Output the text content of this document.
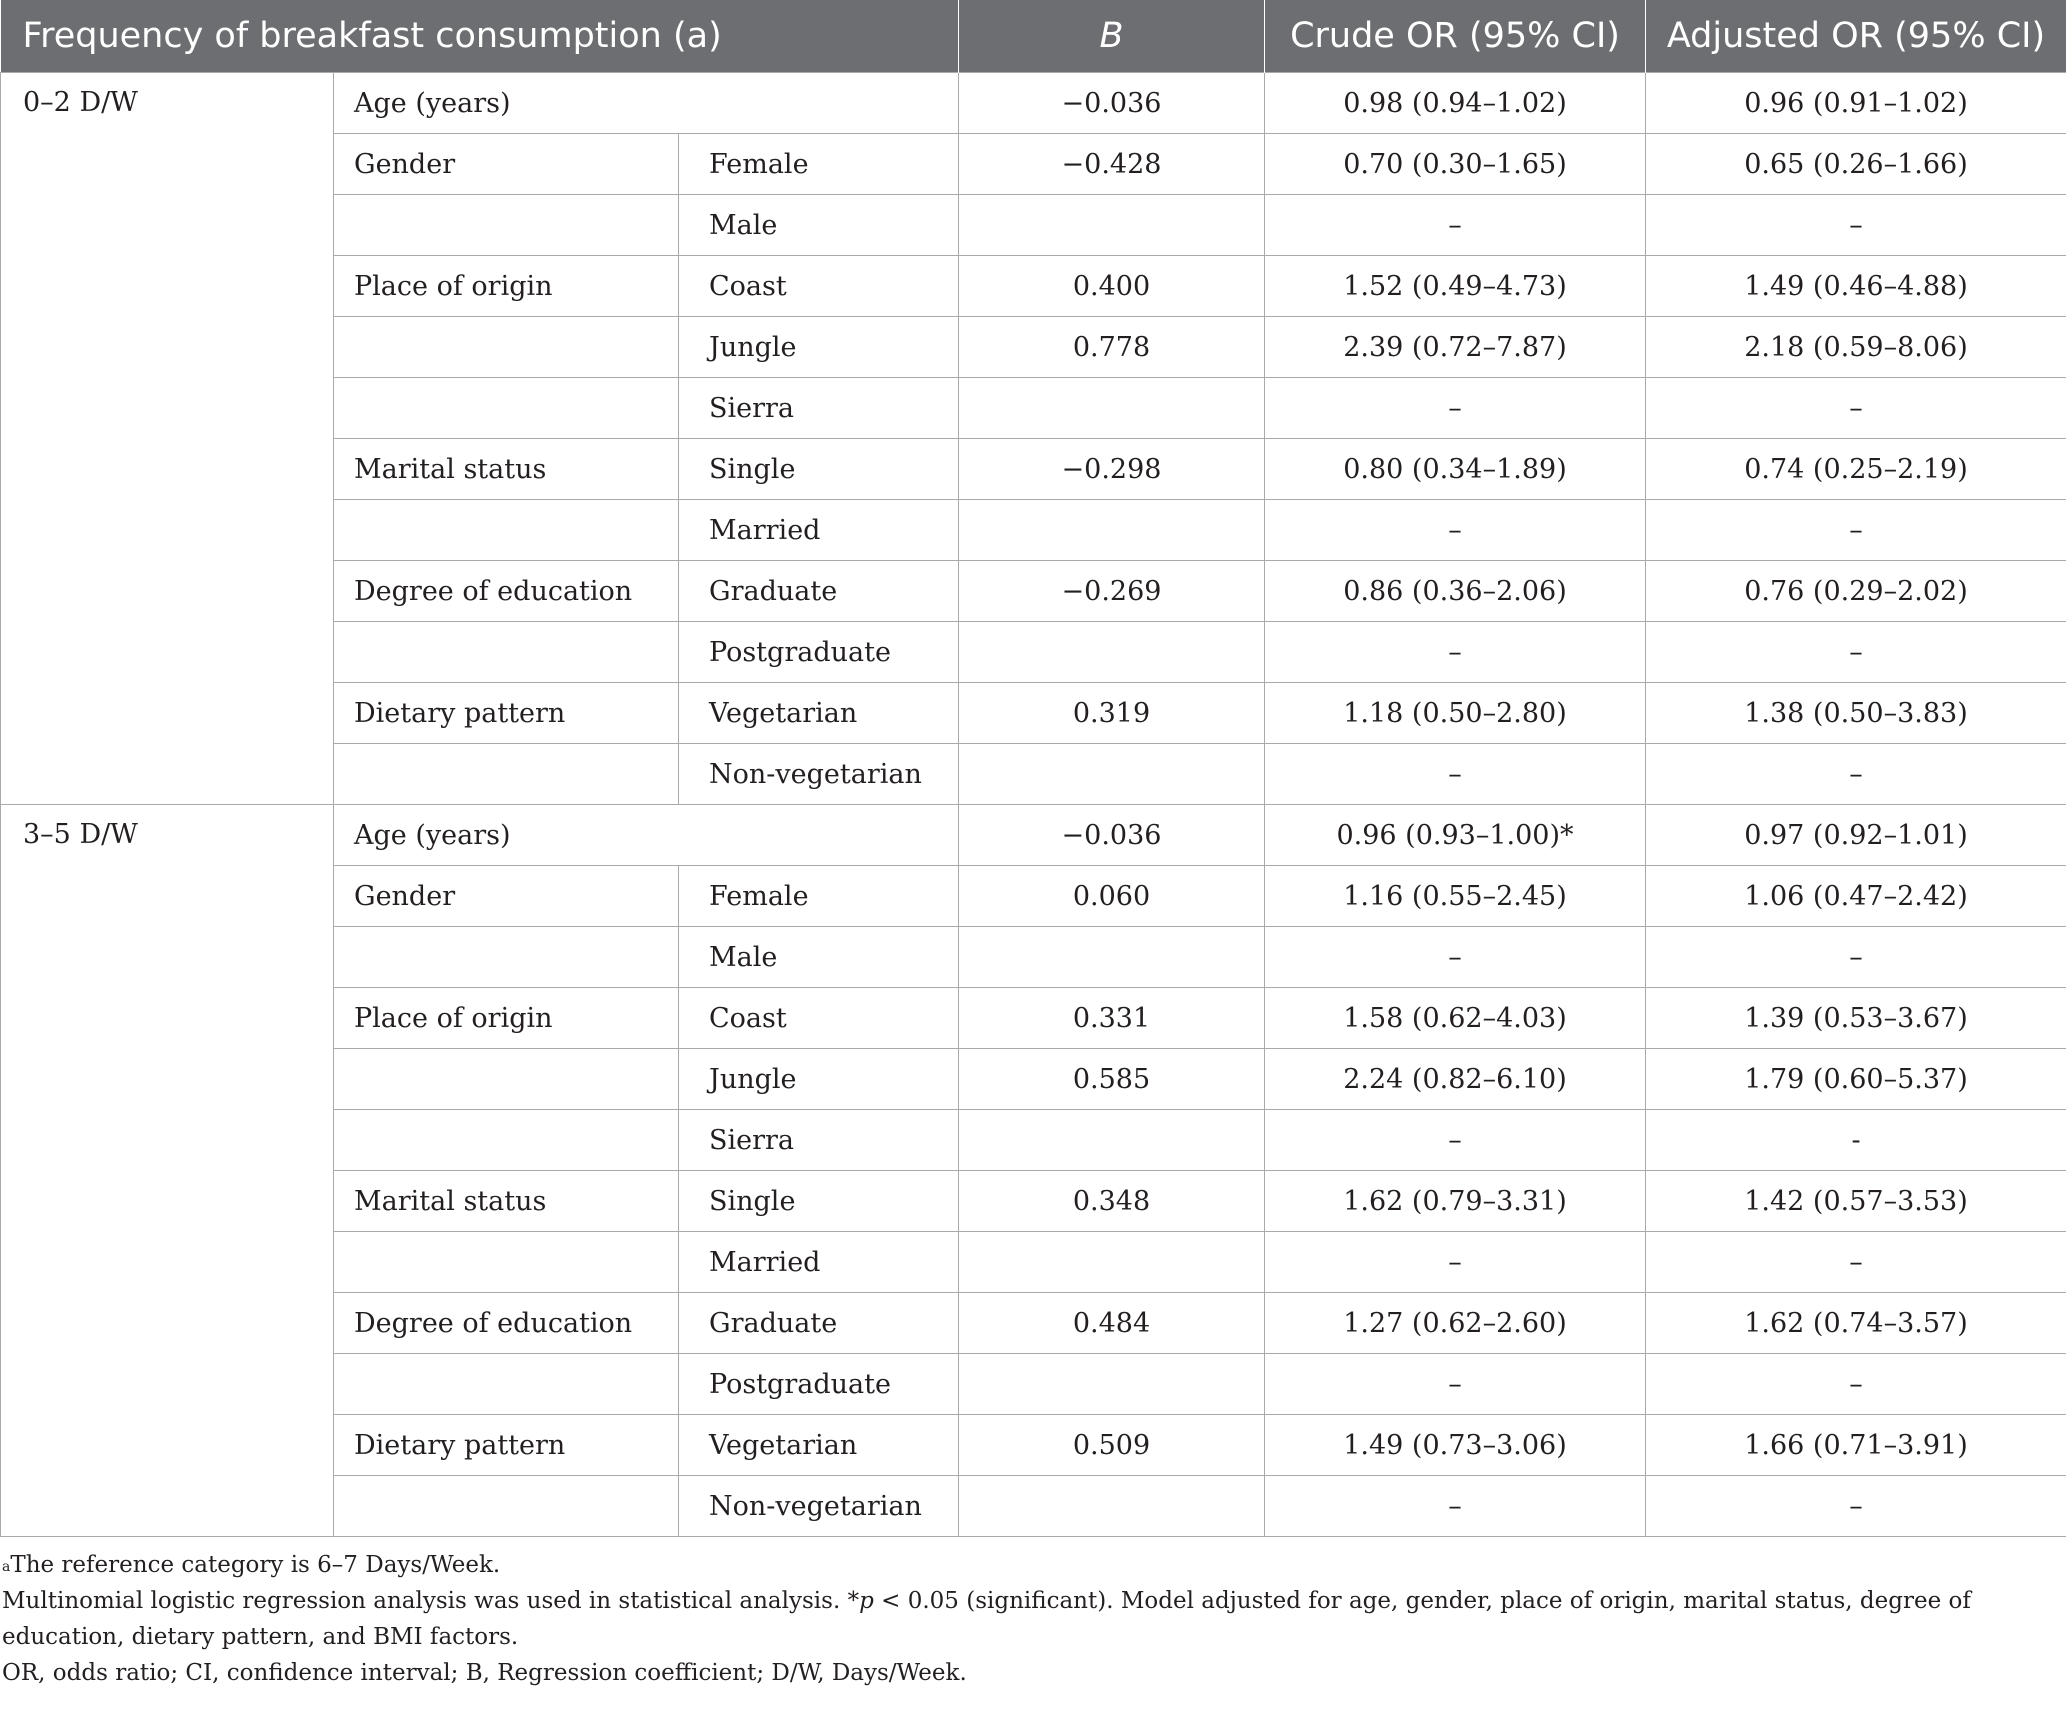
Frequency of breakfast consumption (a)			B	Crude OR (95% CI)	Adjusted OR (95% CI)
0–2 D/W	Age (years)		−0.036	0.98 (0.94–1.02)	0.96 (0.91–1.02)
	Gender	Female	−0.428	0.70 (0.30–1.65)	0.65 (0.26–1.66)
		Male		–	–
	Place of origin	Coast	0.400	1.52 (0.49–4.73)	1.49 (0.46–4.88)
		Jungle	0.778	2.39 (0.72–7.87)	2.18 (0.59–8.06)
		Sierra		–	–
	Marital status	Single	−0.298	0.80 (0.34–1.89)	0.74 (0.25–2.19)
		Married		–	–
	Degree of education	Graduate	−0.269	0.86 (0.36–2.06)	0.76 (0.29–2.02)
		Postgraduate		–	–
	Dietary pattern	Vegetarian	0.319	1.18 (0.50–2.80)	1.38 (0.50–3.83)
		Non-vegetarian		–	–
3–5 D/W	Age (years)		−0.036	0.96 (0.93–1.00)*	0.97 (0.92–1.01)
	Gender	Female	0.060	1.16 (0.55–2.45)	1.06 (0.47–2.42)
		Male		–	–
	Place of origin	Coast	0.331	1.58 (0.62–4.03)	1.39 (0.53–3.67)
		Jungle	0.585	2.24 (0.82–6.10)	1.79 (0.60–5.37)
		Sierra		–	-
	Marital status	Single	0.348	1.62 (0.79–3.31)	1.42 (0.57–3.53)
		Married		–	–
	Degree of education	Graduate	0.484	1.27 (0.62–2.60)	1.62 (0.74–3.57)
		Postgraduate		–	–
	Dietary pattern	Vegetarian	0.509	1.49 (0.73–3.06)	1.66 (0.71–3.91)
		Non-vegetarian		–	–

$^a$The reference category is 6–7 Days/Week.

Multinomial logistic regression analysis was used in statistical analysis. *p < 0.05 (significant). Model adjusted for age, gender, place of origin, marital status, degree of education, dietary pattern, and BMI factors.

OR, odds ratio; CI, confidence interval; B, Regression coefficient; D/W, Days/Week.
